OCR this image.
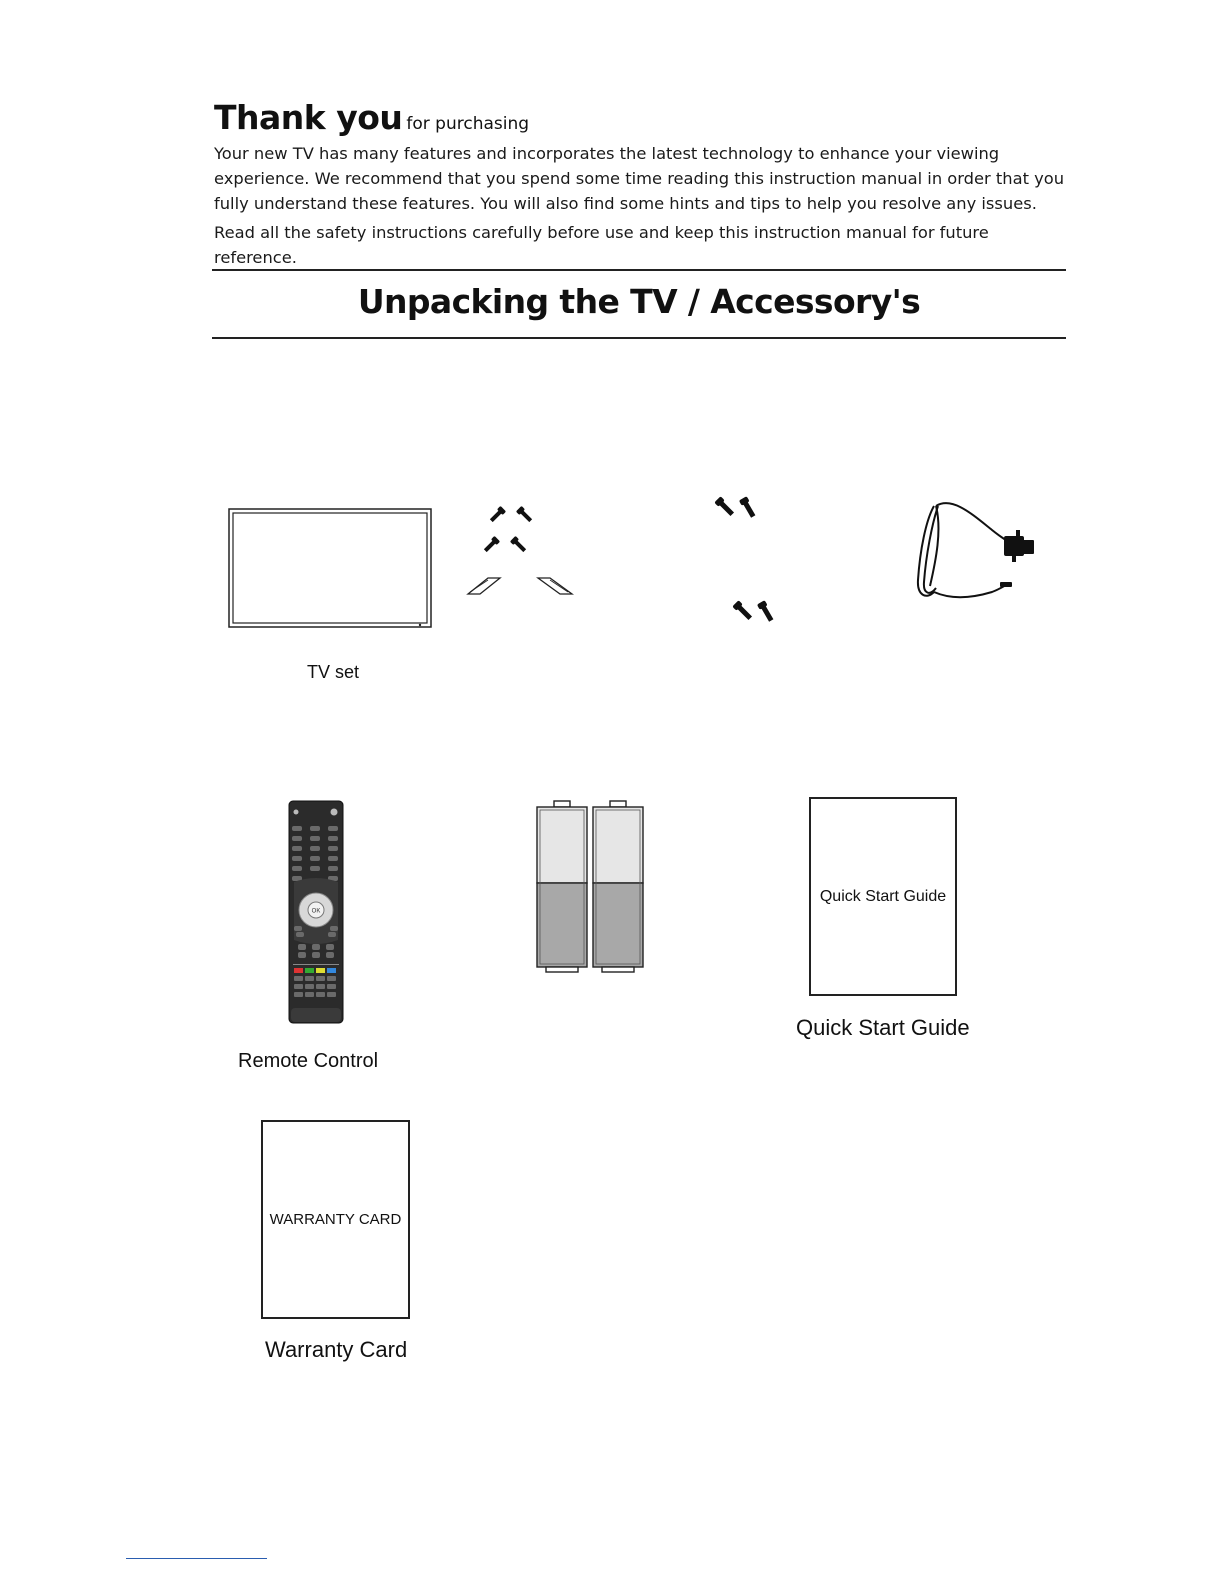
Thank you for purchasing

Your new TV has many features and incorporates the latest technology to enhance your viewing experience. We recommend that you spend some time reading this instruction manual in order that you fully understand these features. You will also find some hints and tips to help you resolve any issues.

Read all the safety instructions carefully before use and keep this instruction manual for future reference.

Unpacking the TV / Accessory's
TV set
OK
Remote Control
Quick Start Guide
Quick Start Guide
WARRANTY CARD
Warranty Card
